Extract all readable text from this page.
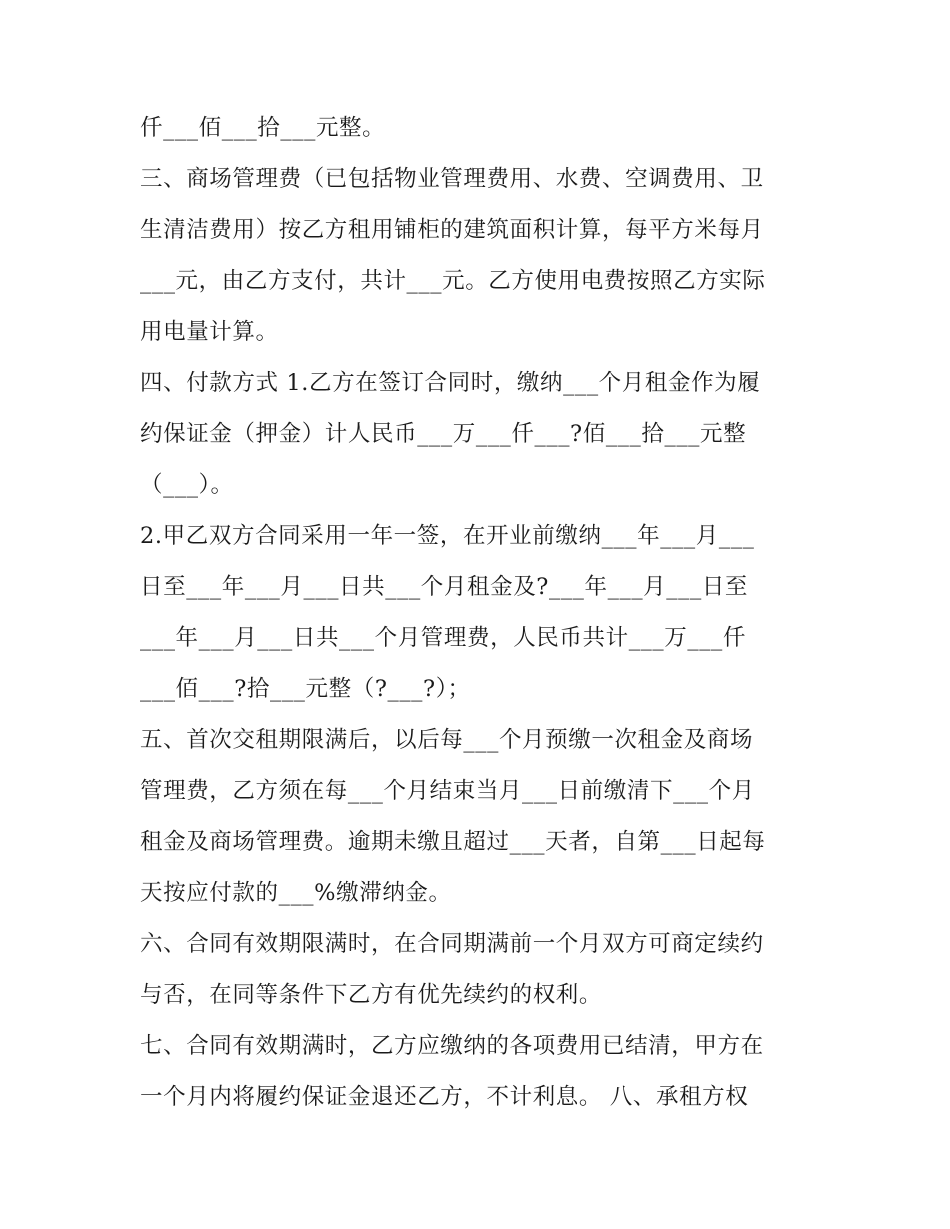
仟___佰___拾___元整。
三、商场管理费（已包括物业管理费用、水费、空调费用、卫
生清洁费用）按乙方租用铺柜的建筑面积计算，每平方米每月
___元，由乙方支付，共计___元。乙方使用电费按照乙方实际
用电量计算。
四、付款方式 1.乙方在签订合同时，缴纳___个月租金作为履
约保证金（押金）计人民币___万___仟___?佰___拾___元整
（___）。
2.甲乙双方合同采用一年一签，在开业前缴纳___年___月___
日至___年___月___日共___个月租金及?___年___月___日至
___年___月___日共___个月管理费，人民币共计___万___仟
___佰___?拾___元整（?___?）；
五、首次交租期限满后，以后每___个月预缴一次租金及商场
管理费，乙方须在每___个月结束当月___日前缴清下___个月
租金及商场管理费。逾期未缴且超过___天者，自第___日起每
天按应付款的___%缴滞纳金。
六、合同有效期限满时，在合同期满前一个月双方可商定续约
与否，在同等条件下乙方有优先续约的权利。
七、合同有效期满时，乙方应缴纳的各项费用已结清，甲方在
一个月内将履约保证金退还乙方，不计利息。 八、承租方权
